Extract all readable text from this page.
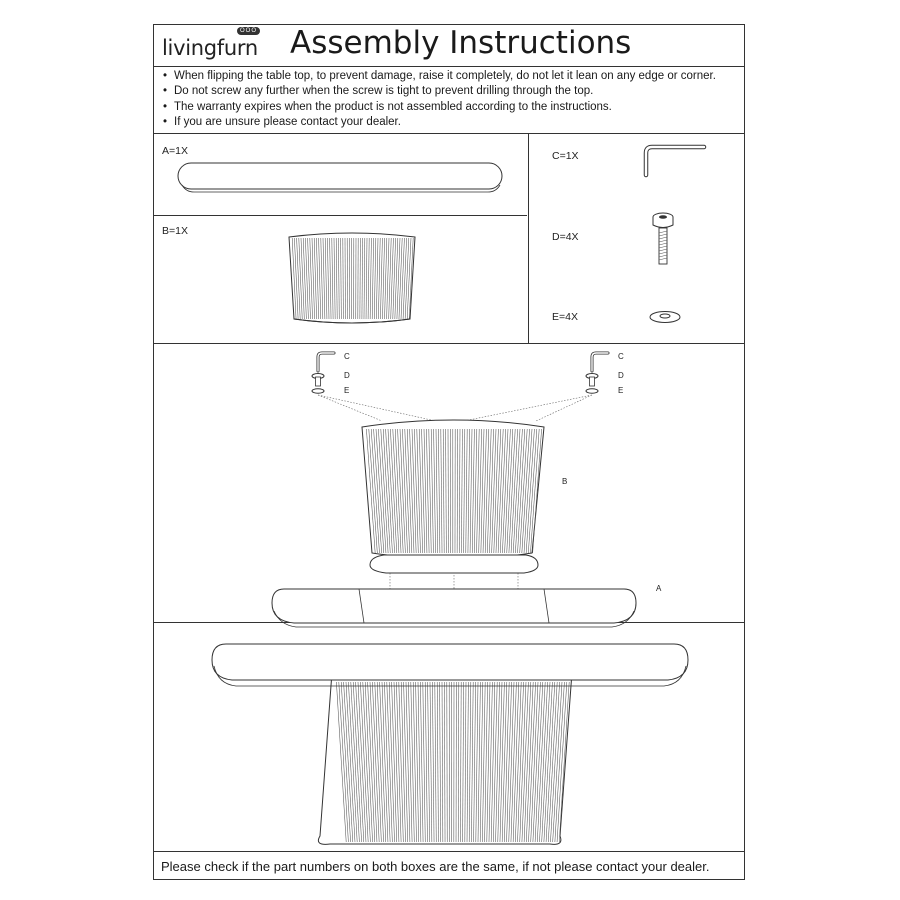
livingfurn
OOO Assembly Instructions
• When flipping the table top, to prevent damage, raise it completely, do not let it lean on any edge or corner.
• Do not screw any further when the screw is tight to prevent drilling through the top.
• The warranty expires when the product is not assembled according to the instructions.
• If you are unsure please contact your dealer.
A=1X
B=1X
C=1X
D=4X
E=4X
C
D
E
C
D
E
B
A
Please check if the part numbers on both boxes are the same, if not please contact your dealer.
